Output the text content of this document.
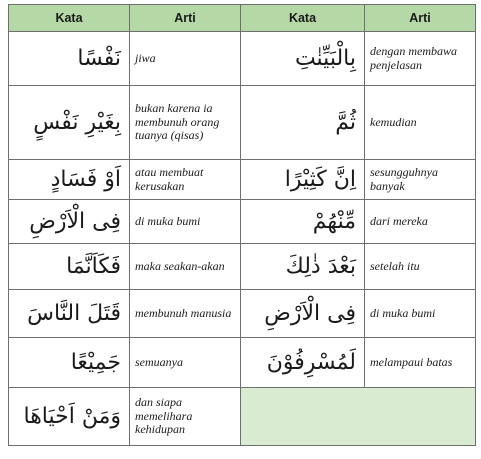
Kata	Arti	Kata	Arti
نَفْسًا	jiwa	بِالْبَيِّنٰتِ	dengan membawa penjelasan
بِغَيْرِ نَفْسٍ	bukan karena ia membunuh orang tuanya (qisas)	ثُمَّ	kemudian
اَوْ فَسَادٍ	atau membuat kerusakan	اِنَّ كَثِيْرًا	sesungguhnya banyak
فِى الْاَرْضِ	di muka bumi	مِّنْهُمْ	dari mereka
فَكَاَنَّمَا	maka seakan-akan	بَعْدَ ذٰلِكَ	setelah itu
قَتَلَ النَّاسَ	membunuh manusia	فِى الْاَرْضِ	di muka bumi
جَمِيْعًا	semuanya	لَمُسْرِفُوْنَ	melampaui batas
وَمَنْ اَحْيَاهَا	dan siapa memelihara kehidupan		
